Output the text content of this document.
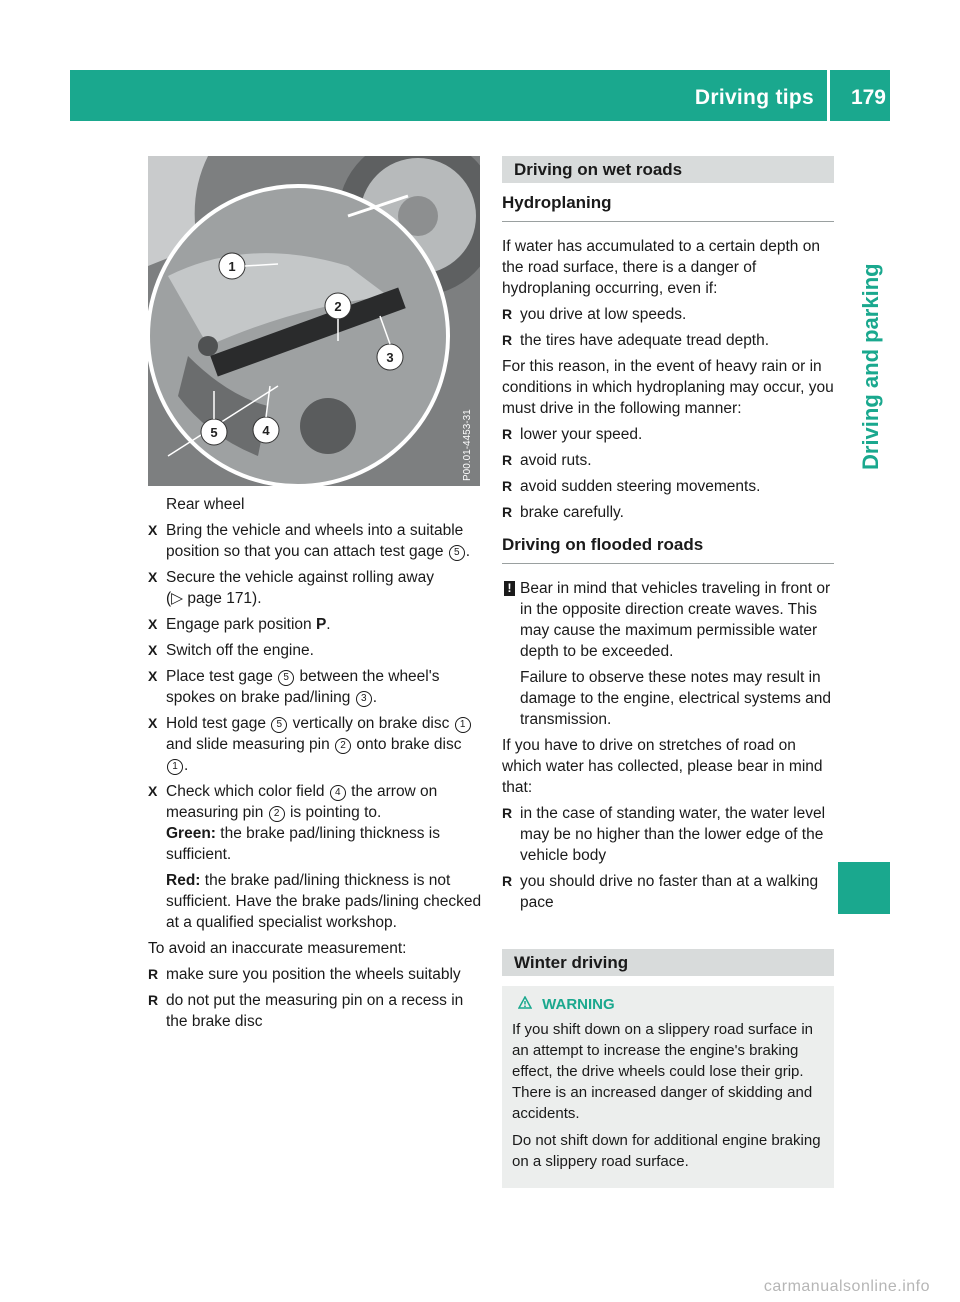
Driving tips 179
Driving and parking
1
2
3
4
5	P00.01-4453-31
Rear wheel
X Bring the vehicle and wheels into a suitable position so that you can attach test gage 5 .
X Secure the vehicle against rolling away
(▷ page 171).
X Engage park position P.
X Switch off the engine.
X Place test gage 5 between the wheel's spokes on brake pad/lining 3 .
X Hold test gage 5 vertically on brake disc 1 and slide measuring pin 2 onto brake disc 1 .
X Check which color field 4 the arrow on measuring pin 2 is pointing to.
Green: the brake pad/lining thickness is sufficient.
Red: the brake pad/lining thickness is not sufficient. Have the brake pads/lining checked at a qualified specialist workshop.
To avoid an inaccurate measurement:
R make sure you position the wheels suitably
R do not put the measuring pin on a recess in the brake disc
Driving on wet roads
Hydroplaning
If water has accumulated to a certain depth on the road surface, there is a danger of hydroplaning occurring, even if:
R you drive at low speeds.
R the tires have adequate tread depth.
For this reason, in the event of heavy rain or in conditions in which hydroplaning may occur, you must drive in the following manner:
R lower your speed.
R avoid ruts.
R avoid sudden steering movements.
R brake carefully.
Driving on flooded roads
! Bear in mind that vehicles traveling in front or in the opposite direction create waves. This may cause the maximum permissible water depth to be exceeded.
Failure to observe these notes may result in damage to the engine, electrical systems and transmission.
If you have to drive on stretches of road on which water has collected, please bear in mind that:
R in the case of standing water, the water level may be no higher than the lower edge of the vehicle body
R you should drive no faster than at a walking pace
Winter driving
WARNING
If you shift down on a slippery road surface in an attempt to increase the engine's braking effect, the drive wheels could lose their grip. There is an increased danger of skidding and accidents.
Do not shift down for additional engine braking on a slippery road surface.
carmanualsonline.info
